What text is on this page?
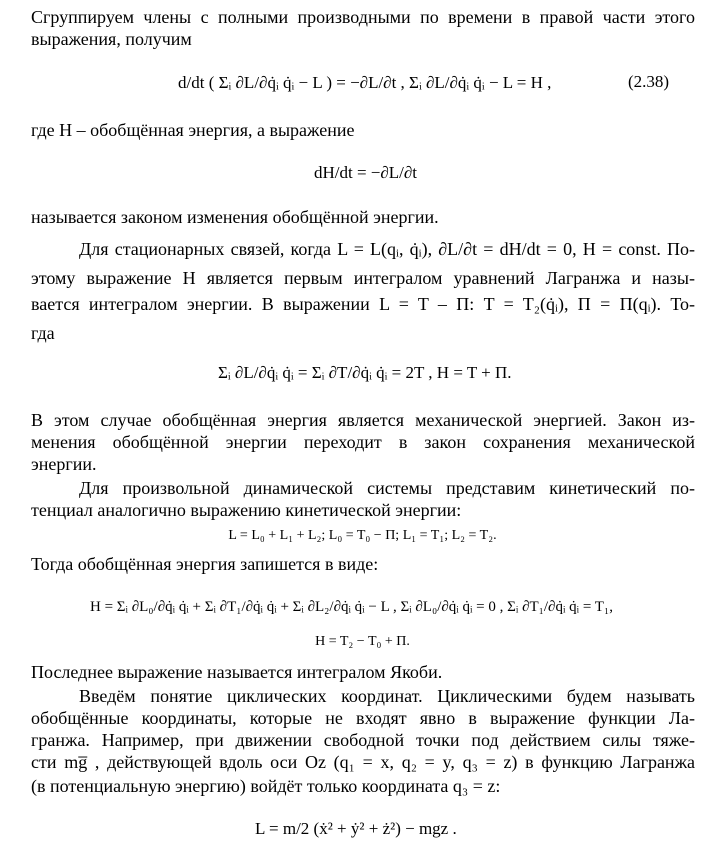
Сгруппируем члены с полными производными по времени в правой части этого
выражения, получим
d/dt ( Σᵢ ∂L/∂q̇ᵢ q̇ᵢ − L ) = −∂L/∂t , Σᵢ ∂L/∂q̇ᵢ q̇ᵢ − L = H ,	(2.38)
где H – обобщённая энергия, а выражение
dH/dt = −∂L/∂t
называется законом изменения обобщённой энергии.
Для стационарных связей, когда L = L(qᵢ, q̇ᵢ), ∂L/∂t = dH/dt = 0, H = const. По-
этому выражение H является первым интегралом уравнений Лагранжа и назы-
вается интегралом энергии. В выражении L = T – П: T = T₂(q̇ᵢ), П = П(qᵢ). То-
гда
Σᵢ ∂L/∂q̇ᵢ q̇ᵢ = Σᵢ ∂T/∂q̇ᵢ q̇ᵢ = 2T , H = T + П.
В этом случае обобщённая энергия является механической энергией. Закон из-
менения обобщённой энергии переходит в закон сохранения механической
энергии.
Для произвольной динамической системы представим кинетический по-
тенциал аналогично выражению кинетической энергии:
L = L₀ + L₁ + L₂; L₀ = T₀ − П; L₁ = T₁; L₂ = T₂.
Тогда обобщённая энергия запишется в виде:
H = Σᵢ ∂L₀/∂q̇ᵢ q̇ᵢ + Σᵢ ∂T₁/∂q̇ᵢ q̇ᵢ + Σᵢ ∂L₂/∂q̇ᵢ q̇ᵢ − L , Σᵢ ∂L₀/∂q̇ᵢ q̇ᵢ = 0 , Σᵢ ∂T₁/∂q̇ᵢ q̇ᵢ = T₁,
H = T₂ − T₀ + П.
Последнее выражение называется интегралом Якоби.
Введём понятие циклических координат. Циклическими будем называть
обобщённые координаты, которые не входят явно в выражение функции Ла-
гранжа. Например, при движении свободной точки под действием силы тяже-
сти mg̅ , действующей вдоль оси Oz (q₁ = x, q₂ = y, q₃ = z) в функцию Лагранжа
(в потенциальную энергию) войдёт только координата q₃ = z:
L = m/2 (ẋ² + ẏ² + ż²) − mgz .
